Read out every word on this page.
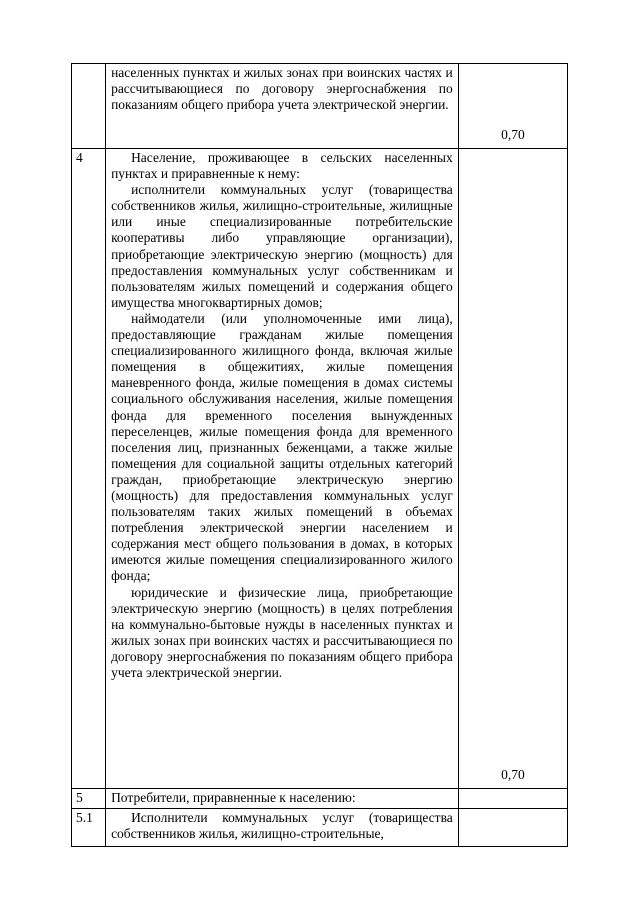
	населенных пунктах и жилых зонах при воинских частях и рассчитывающиеся по договору энергоснабжения по показаниям общего прибора учета электрической энергии.	0,70
4	Население, проживающее в сельских населенных пунктах и приравненные к нему:

исполнители коммунальных услуг (товарищества собственников жилья, жилищно-строительные, жилищные или иные специализированные потребительские кооперативы либо управляющие организации), приобретающие электрическую энергию (мощность) для предоставления коммунальных услуг собственникам и пользователям жилых помещений и содержания общего имущества многоквартирных домов;

наймодатели (или уполномоченные ими лица), предоставляющие гражданам жилые помещения специализированного жилищного фонда, включая жилые помещения в общежитиях, жилые помещения маневренного фонда, жилые помещения в домах системы социального обслуживания населения, жилые помещения фонда для временного поселения вынужденных переселенцев, жилые помещения фонда для временного поселения лиц, признанных беженцами, а также жилые помещения для социальной защиты отдельных категорий граждан, приобретающие электрическую энергию (мощность) для предоставления коммунальных услуг пользователям таких жилых помещений в объемах потребления электрической энергии населением и содержания мест общего пользования в домах, в которых имеются жилые помещения специализированного жилого фонда;

юридические и физические лица, приобретающие электрическую энергию (мощность) в целях потребления на коммунально-бытовые нужды в населенных пунктах и жилых зонах при воинских частях и рассчитывающиеся по договору энергоснабжения по показаниям общего прибора учета электрической энергии.	0,70
5	Потребители, приравненные к населению:	

5.1	Исполнители коммунальных услуг (товарищества собственников жилья, жилищно-строительные,	
